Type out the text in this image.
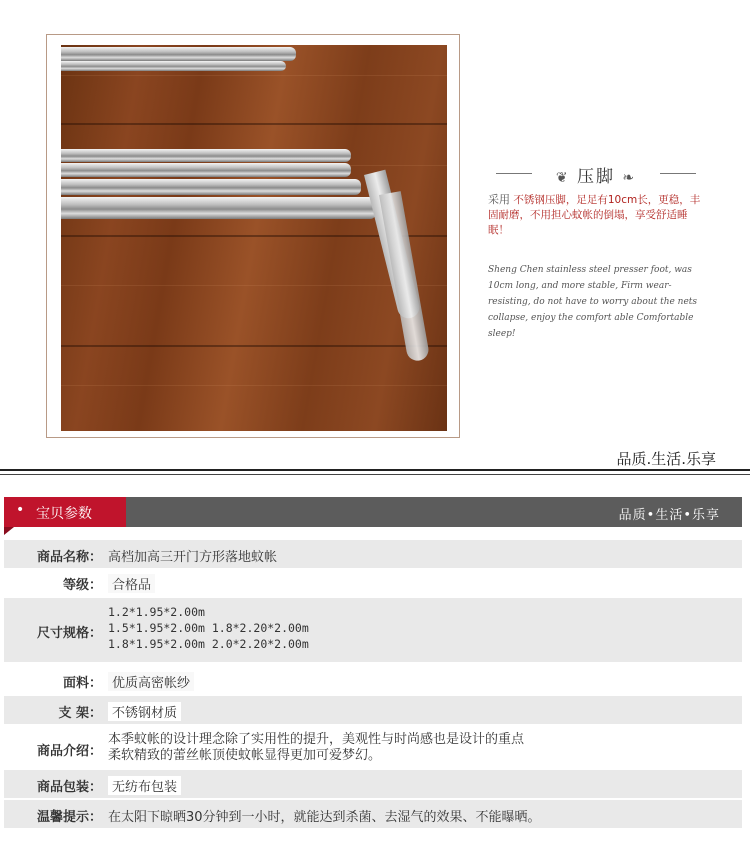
❦ 压脚 ❧
采用 不锈钢压脚，足足有10cm长，更稳，丰固耐磨，不用担心蚊帐的倒塌，享受舒适睡眠！
Sheng Chen stainless steel presser foot, was 10cm long, and more stable, Firm wear-resisting, do not have to worry about the nets collapse, enjoy the comfort able Comfortable sleep!
品质.生活.乐享
• 宝贝参数	品质•生活•乐享
商品名称： 高档加高三开门方形落地蚊帐
等级： 合格品
尺寸规格：
1.2*1.95*2.00m
1.5*1.95*2.00m 1.8*2.20*2.00m
1.8*1.95*2.00m 2.0*2.20*2.00m
面料： 优质高密帐纱
支 架： 不锈钢材质
商品介绍：
本季蚊帐的设计理念除了实用性的提升，美观性与时尚感也是设计的重点
柔软精致的蕾丝帐顶使蚊帐显得更加可爱梦幻。
商品包装： 无纺布包装
温馨提示： 在太阳下晾晒30分钟到一小时，就能达到杀菌、去湿气的效果、不能曝晒。
